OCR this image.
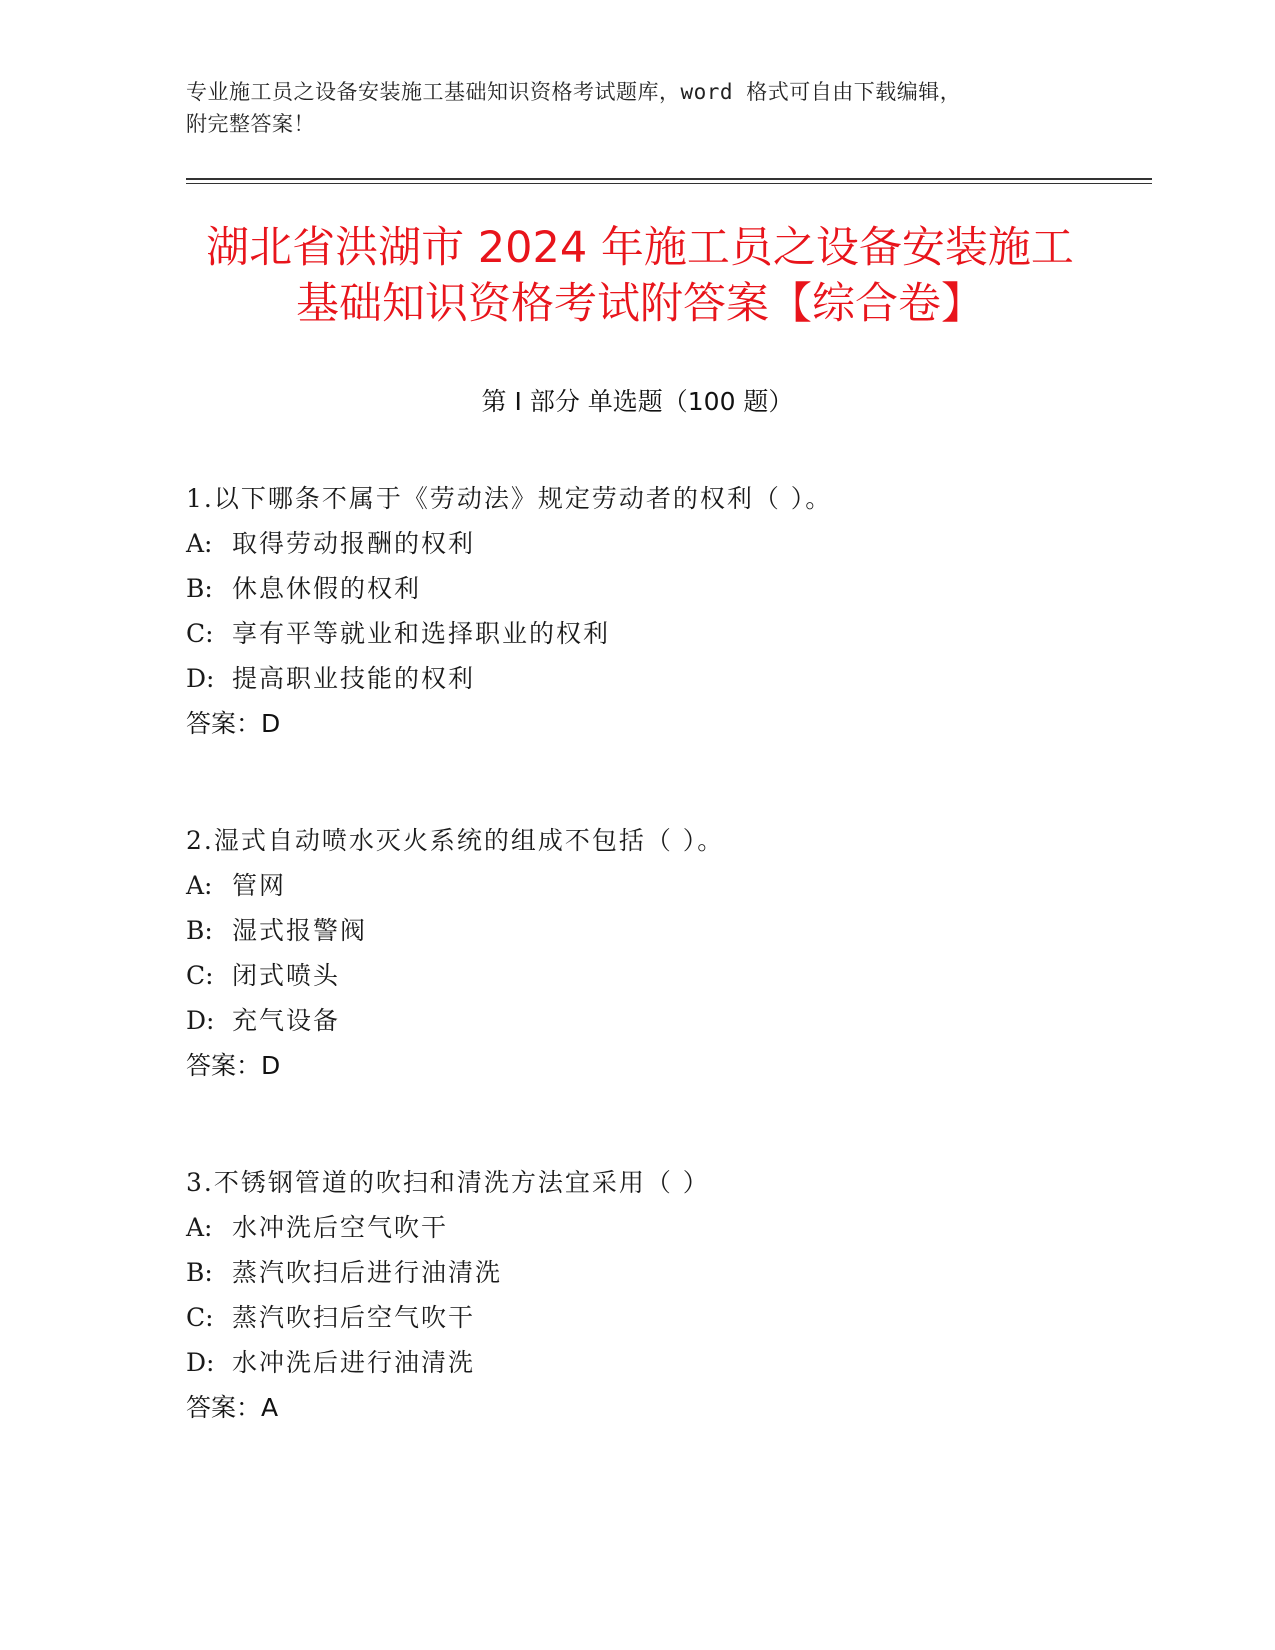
专业施工员之设备安装施工基础知识资格考试题库，word 格式可自由下载编辑，
附完整答案！
湖北省洪湖市 2024 年施工员之设备安装施工
基础知识资格考试附答案【综合卷】
第 I 部分 单选题（100 题）
1.以下哪条不属于《劳动法》规定劳动者的权利（ ）。
A: 取得劳动报酬的权利
B: 休息休假的权利
C: 享有平等就业和选择职业的权利
D: 提高职业技能的权利
答案：D
2.湿式自动喷水灭火系统的组成不包括（ ）。
A: 管网
B: 湿式报警阀
C: 闭式喷头
D: 充气设备
答案：D
3.不锈钢管道的吹扫和清洗方法宜采用（ ）
A: 水冲洗后空气吹干
B: 蒸汽吹扫后进行油清洗
C: 蒸汽吹扫后空气吹干
D: 水冲洗后进行油清洗
答案：A
